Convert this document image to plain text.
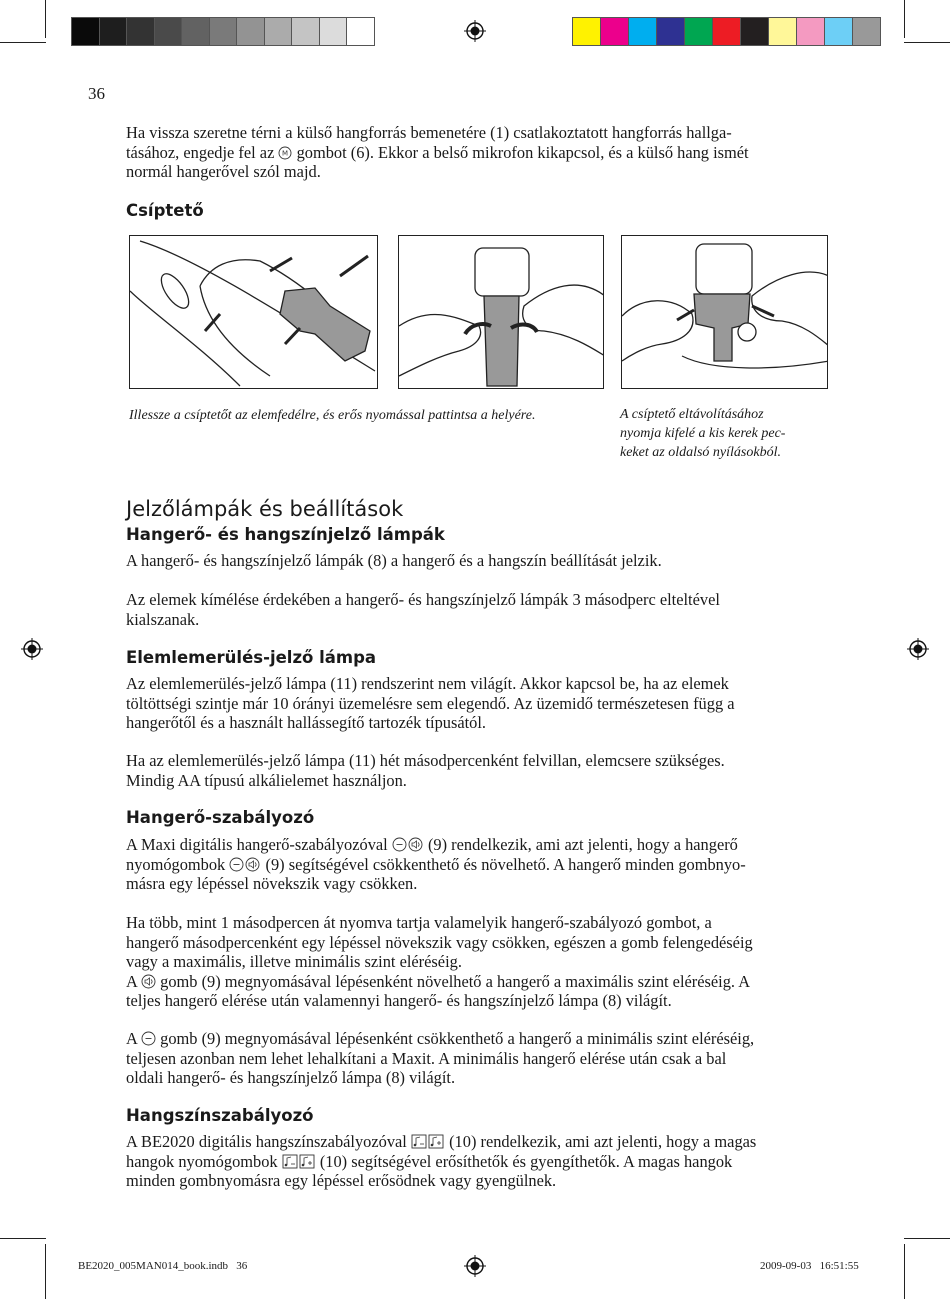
36

Ha vissza szeretne térni a külső hangforrás bemenetére (1) csatlakoztatott hangforrás hallga-

tásához, engedje fel az M gombot (6). Ekkor a belső mikrofon kikapcsol, és a külső hang ismét

normál hangerővel szól majd.

Csíptető
Illessze a csíptetőt az elemfedélre, és erős nyomással pattintsa a helyére.	A csíptető eltávolításához
nyomja kifelé a kis kerek pec-
keket az oldalsó nyílásokból.
Jelzőlámpák és beállítások
Hangerő- és hangszínjelző lámpák

A hangerő- és hangszínjelző lámpák (8) a hangerő és a hangszín beállítását jelzik.

Az elemek kímélése érdekében a hangerő- és hangszínjelző lámpák 3 másodperc elteltével

kialszanak.

Elemlemerülés-jelző lámpa

Az elemlemerülés-jelző lámpa (11) rendszerint nem világít. Akkor kapcsol be, ha az elemek

töltöttségi szintje már 10 órányi üzemelésre sem elegendő. Az üzemidő természetesen függ a

hangerőtől és a használt hallássegítő tartozék típusától.

Ha az elemlemerülés-jelző lámpa (11) hét másodpercenként felvillan, elemcsere szükséges.

Mindig AA típusú alkálielemet használjon.

Hangerő-szabályozó

A Maxi digitális hangerő-szabályozóval (9) rendelkezik, ami azt jelenti, hogy a hangerő

nyomógombok (9) segítségével csökkenthető és növelhető. A hangerő minden gombnyo-

másra egy lépéssel növekszik vagy csökken.

Ha több, mint 1 másodpercen át nyomva tartja valamelyik hangerő-szabályozó gombot, a

hangerő másodpercenként egy lépéssel növekszik vagy csökken, egészen a gomb felengedéséig

vagy a maximális, illetve minimális szint eléréséig.

A gomb (9) megnyomásával lépésenként növelhető a hangerő a maximális szint eléréséig. A

teljes hangerő elérése után valamennyi hangerő- és hangszínjelző lámpa (8) világít.

A gomb (9) megnyomásával lépésenként csökkenthető a hangerő a minimális szint eléréséig,

teljesen azonban nem lehet lehalkítani a Maxit. A minimális hangerő elérése után csak a bal

oldali hangerő- és hangszínjelző lámpa (8) világít.

Hangszínszabályozó

A BE2020 digitális hangszínszabályozóval	(10) rendelkezik, ami azt jelenti, hogy a magas

hangok nyomógombok	(10) segítségével erősíthetők és gyengíthetők. A magas hangok

minden gombnyomásra egy lépéssel erősödnek vagy gyengülnek.

BE2020_005MAN014_book.indb   36	2009-09-03   16:51:55
